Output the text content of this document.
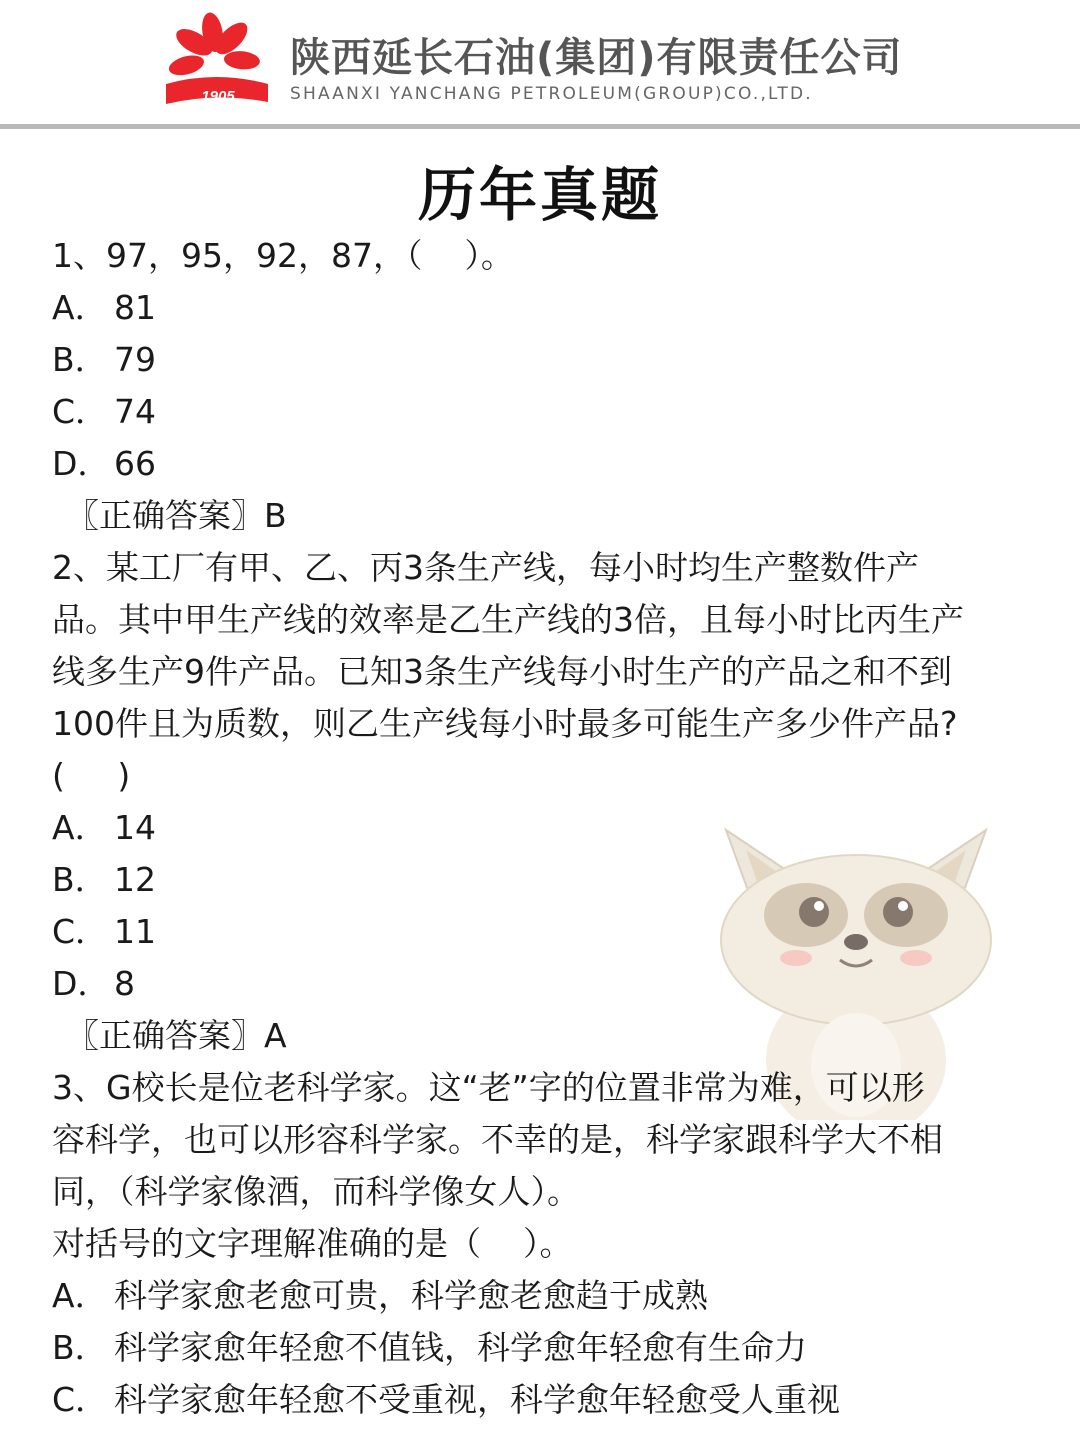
1905
陕西延长石油(集团)有限责任公司
SHAANXI YANCHANG PETROLEUM(GROUP)CO.,LTD.
历年真题
1、97，95，92，87，（    ）。
A． 81
B． 79
C． 74
D． 66
〖正确答案〗B
2、某工厂有甲、乙、丙3条生产线，每小时均生产整数件产
品。其中甲生产线的效率是乙生产线的3倍，且每小时比丙生产
线多生产9件产品。已知3条生产线每小时生产的产品之和不到
100件且为质数，则乙生产线每小时最多可能生产多少件产品?
(     )
A． 14
B． 12
C． 11
D． 8
〖正确答案〗A
3、G校长是位老科学家。这“老”字的位置非常为难，可以形
容科学，也可以形容科学家。不幸的是，科学家跟科学大不相
同，（科学家像酒，而科学像女人）。
对括号的文字理解准确的是（    ）。
A． 科学家愈老愈可贵，科学愈老愈趋于成熟
B． 科学家愈年轻愈不值钱，科学愈年轻愈有生命力
C． 科学家愈年轻愈不受重视，科学愈年轻愈受人重视
